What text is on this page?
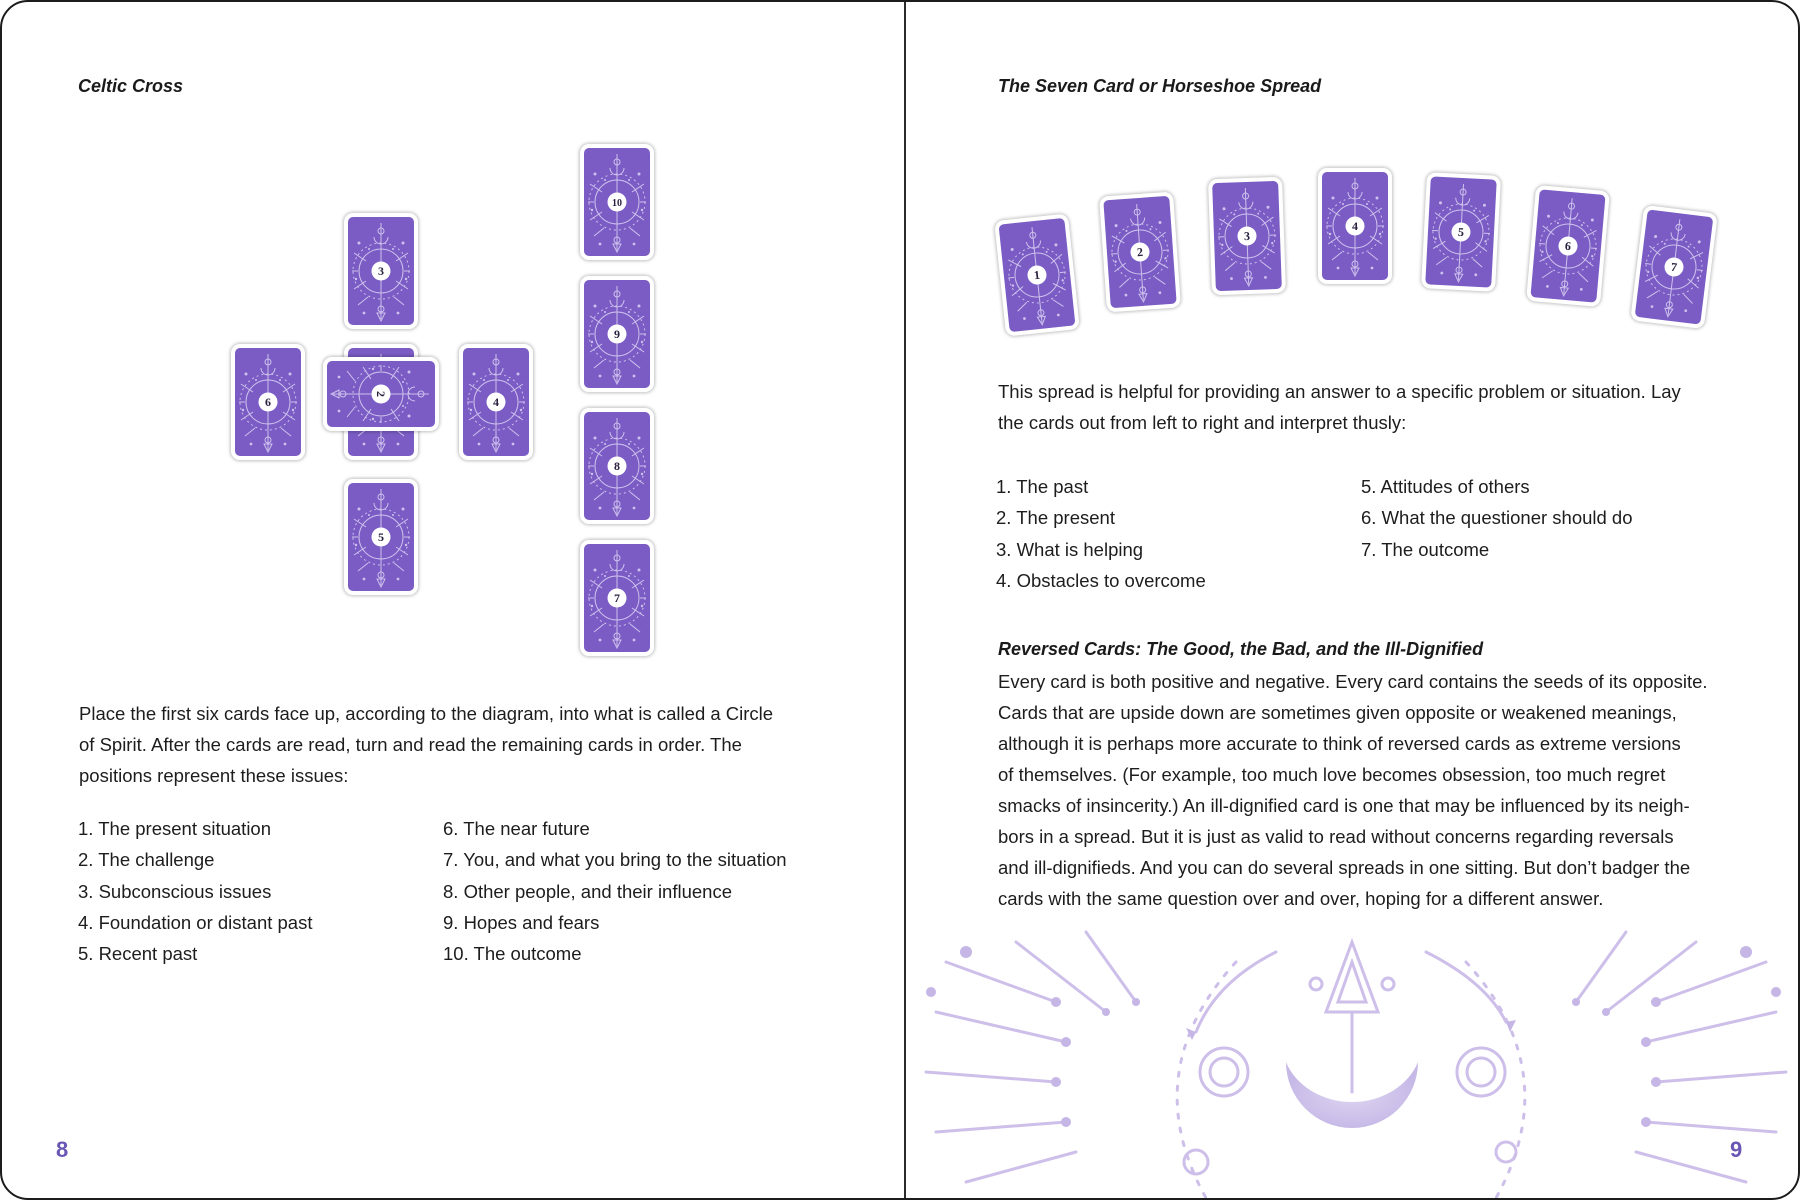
Celtic Cross
3
6
2
4
5
10
9
8
7

Place the first six cards face up, according to the diagram, into what is called a Circle
of Spirit. After the cards are read, turn and read the remaining cards in order. The
positions represent these issues:

1. The present situation
2. The challenge
3. Subconscious issues
4. Foundation or distant past
5. Recent past
6. The near future
7. You, and what you bring to the situation
8. Other people, and their influence
9. Hopes and fears
10. The outcome
8
The Seven Card or Horseshoe Spread
1
2
3
4	5
6
7

This spread is helpful for providing an answer to a specific problem or situation. Lay
the cards out from left to right and interpret thusly:

1. The past
2. The present
3. What is helping
4. Obstacles to overcome
5. Attitudes of others
6. What the questioner should do
7. The outcome
Reversed Cards: The Good, the Bad, and the Ill-Dignified

Every card is both positive and negative. Every card contains the seeds of its opposite.
Cards that are upside down are sometimes given opposite or weakened meanings,
although it is perhaps more accurate to think of reversed cards as extreme versions
of themselves. (For example, too much love becomes obsession, too much regret
smacks of insincerity.) An ill-dignified card is one that may be influenced by its neigh-
bors in a spread. But it is just as valid to read without concerns regarding reversals
and ill-dignifieds. And you can do several spreads in one sitting. But don’t badger the
cards with the same question over and over, hoping for a different answer.

9
